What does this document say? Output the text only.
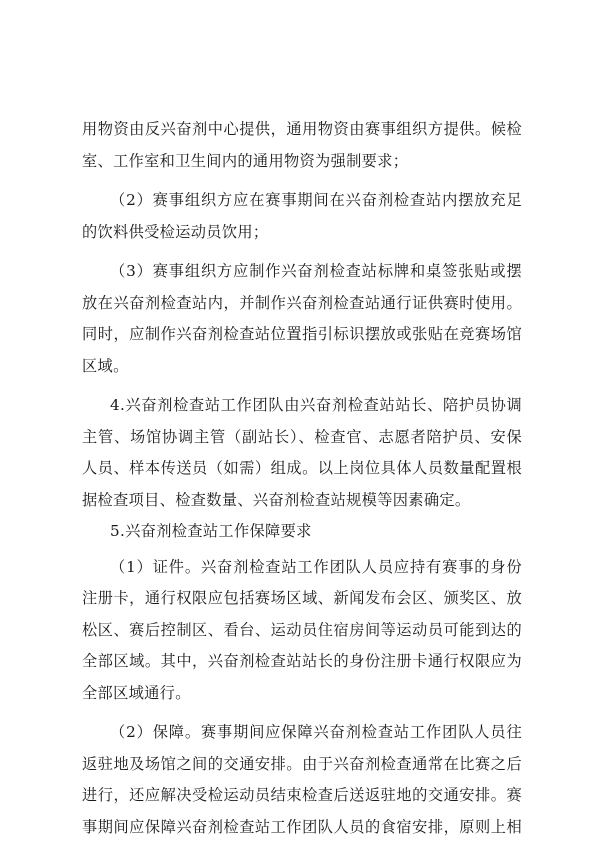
用物资由反兴奋剂中心提供，通用物资由赛事组织方提供。候检
室、工作室和卫生间内的通用物资为强制要求；
（2）赛事组织方应在赛事期间在兴奋剂检查站内摆放充足
的饮料供受检运动员饮用；
（3）赛事组织方应制作兴奋剂检查站标牌和桌签张贴或摆
放在兴奋剂检查站内，并制作兴奋剂检查站通行证供赛时使用。
同时，应制作兴奋剂检查站位置指引标识摆放或张贴在竞赛场馆
区域。
4.兴奋剂检查站工作团队由兴奋剂检查站站长、陪护员协调
主管、场馆协调主管（副站长）、检查官、志愿者陪护员、安保
人员、样本传送员（如需）组成。以上岗位具体人员数量配置根
据检查项目、检查数量、兴奋剂检查站规模等因素确定。
5.兴奋剂检查站工作保障要求
（1）证件。兴奋剂检查站工作团队人员应持有赛事的身份
注册卡，通行权限应包括赛场区域、新闻发布会区、颁奖区、放
松区、赛后控制区、看台、运动员住宿房间等运动员可能到达的
全部区域。其中，兴奋剂检查站站长的身份注册卡通行权限应为
全部区域通行。
（2）保障。赛事期间应保障兴奋剂检查站工作团队人员往
返驻地及场馆之间的交通安排。由于兴奋剂检查通常在比赛之后
进行，还应解决受检运动员结束检查后送返驻地的交通安排。赛
事期间应保障兴奋剂检查站工作团队人员的食宿安排，原则上相
